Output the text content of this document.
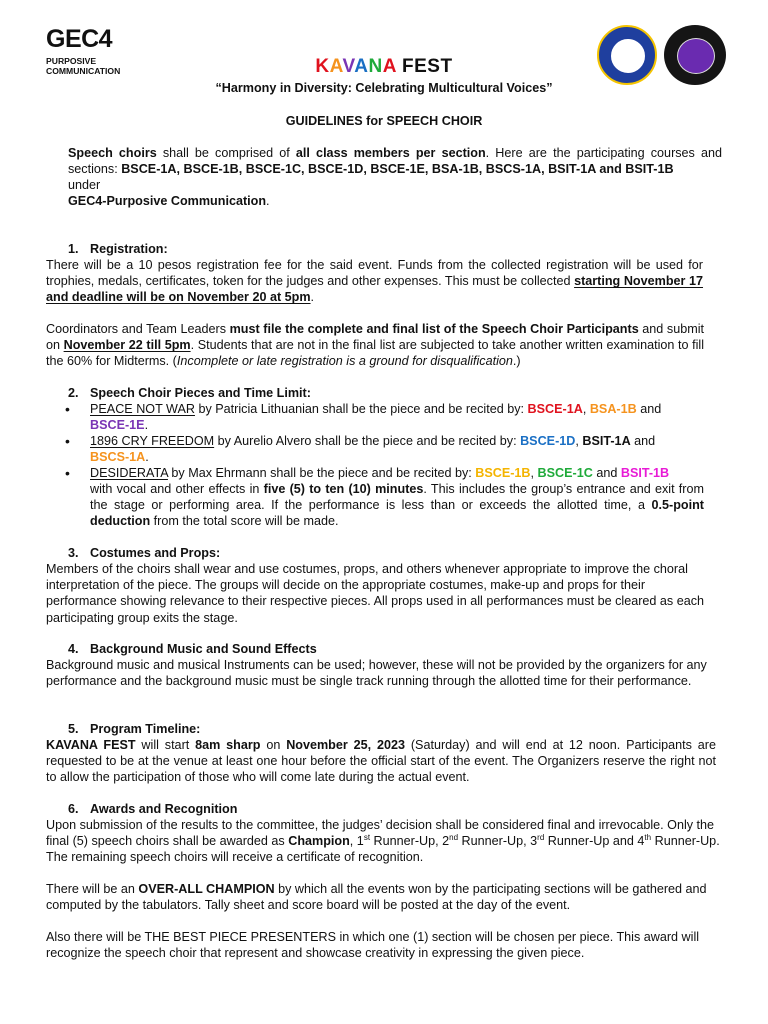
GEC4
PURPOSIVE
COMMUNICATION	KAVANA FEST
“Harmony in Diversity: Celebrating Multicultural Voices”
GUIDELINES for SPEECH CHOIR
Speech choirs shall be comprised of all class members per section. Here are the participating courses and sections: BSCE-1A, BSCE-1B, BSCE-1C, BSCE-1D, BSCE-1E, BSA-1B, BSCS-1A, BSIT-1A and BSIT-1B
under
GEC4-Purposive Communication.
1. Registration:
There will be a 10 pesos registration fee for the said event. Funds from the collected registration will be used for trophies, medals, certificates, token for the judges and other expenses. This must be collected starting November 17 and deadline will be on November 20 at 5pm.
Coordinators and Team Leaders must file the complete and final list of the Speech Choir Participants and submit on November 22 till 5pm. Students that are not in the final list are subjected to take another written examination to fill the 60% for Midterms. (Incomplete or late registration is a ground for disqualification.)
2. Speech Choir Pieces and Time Limit:
• PEACE NOT WAR by Patricia Lithuanian shall be the piece and be recited by: BSCE-1A, BSA-1B and
BSCE-1E.
• 1896 CRY FREEDOM by Aurelio Alvero shall be the piece and be recited by: BSCE-1D, BSIT-1A and
BSCS-1A.
• DESIDERATA by Max Ehrmann shall be the piece and be recited by: BSCE-1B, BSCE-1C and BSIT-1B
with vocal and other effects in five (5) to ten (10) minutes. This includes the group’s entrance and exit from the stage or performing area. If the performance is less than or exceeds the allotted time, a 0.5-point deduction from the total score will be made.
3. Costumes and Props:
Members of the choirs shall wear and use costumes, props, and others whenever appropriate to improve the choral interpretation of the piece. The groups will decide on the appropriate costumes, make-up and props for their performance showing relevance to their respective pieces. All props used in all performances must be cleared as each participating group exits the stage.
4. Background Music and Sound Effects
Background music and musical Instruments can be used; however, these will not be provided by the organizers for any performance and the background music must be single track running through the allotted time for their performance.
5. Program Timeline:
KAVANA FEST will start 8am sharp on November 25, 2023 (Saturday) and will end at 12 noon. Participants are requested to be at the venue at least one hour before the official start of the event. The Organizers reserve the right not to allow the participation of those who will come late during the actual event.
6. Awards and Recognition
Upon submission of the results to the committee, the judges’ decision shall be considered final and irrevocable. Only the final (5) speech choirs shall be awarded as Champion, 1st Runner-Up, 2nd Runner-Up, 3rd Runner-Up and 4th Runner-Up. The remaining speech choirs will receive a certificate of recognition.
There will be an OVER-ALL CHAMPION by which all the events won by the participating sections will be gathered and computed by the tabulators. Tally sheet and score board will be posted at the day of the event.
Also there will be THE BEST PIECE PRESENTERS in which one (1) section will be chosen per piece. This award will recognize the speech choir that represent and showcase creativity in expressing the given piece.
